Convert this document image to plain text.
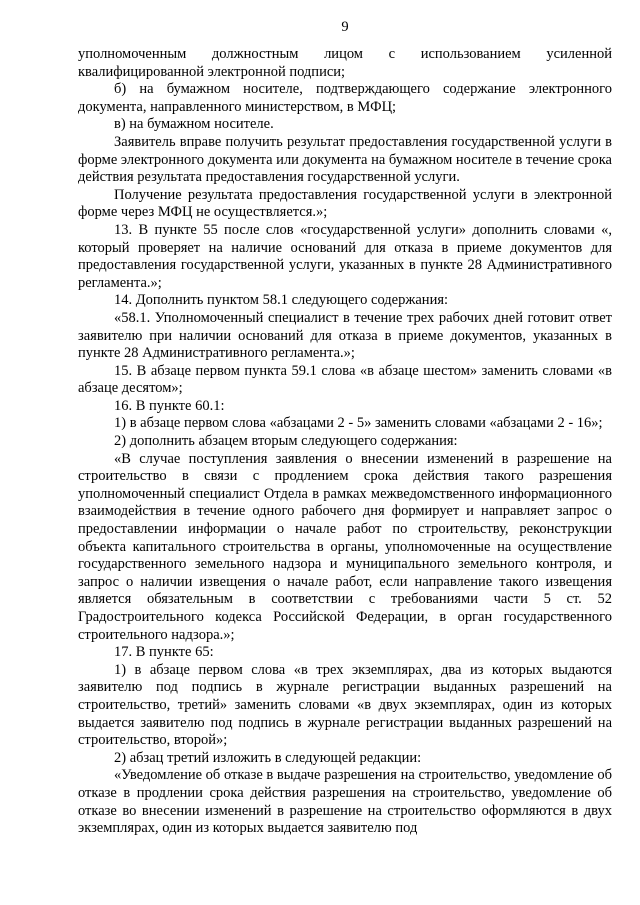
9

уполномоченным должностным лицом с использованием усиленной квалифицированной электронной подписи;

б) на бумажном носителе, подтверждающего содержание электронного документа, направленного министерством, в МФЦ;

в) на бумажном носителе.

Заявитель вправе получить результат предоставления государственной услуги в форме электронного документа или документа на бумажном носителе в течение срока действия результата предоставления государственной услуги.

Получение результата предоставления государственной услуги в электронной форме через МФЦ не осуществляется.»;

13. В пункте 55 после слов «государственной услуги» дополнить словами «, который проверяет на наличие оснований для отказа в приеме документов для предоставления государственной услуги, указанных в пункте 28 Административного регламента.»;

14. Дополнить пунктом 58.1 следующего содержания:

«58.1. Уполномоченный специалист в течение трех рабочих дней готовит ответ заявителю при наличии оснований для отказа в приеме документов, указанных в пункте 28 Административного регламента.»;

15. В абзаце первом пункта 59.1 слова «в абзаце шестом» заменить словами «в абзаце десятом»;

16. В пункте 60.1:

1) в абзаце первом слова «абзацами 2 - 5» заменить словами «абзацами 2 - 16»;

2) дополнить абзацем вторым следующего содержания:

«В случае поступления заявления о внесении изменений в разрешение на строительство в связи с продлением срока действия такого разрешения уполномоченный специалист Отдела в рамках межведомственного информационного взаимодействия в течение одного рабочего дня формирует и направляет запрос о предоставлении информации о начале работ по строительству, реконструкции объекта капитального строительства в органы, уполномоченные на осуществление государственного земельного надзора и муниципального земельного контроля, и запрос о наличии извещения о начале работ, если направление такого извещения является обязательным в соответствии с требованиями части 5 ст. 52 Градостроительного кодекса Российской Федерации, в орган государственного строительного надзора.»;

17. В пункте 65:

1) в абзаце первом слова «в трех экземплярах, два из которых выдаются заявителю под подпись в журнале регистрации выданных разрешений на строительство, третий» заменить словами «в двух экземплярах, один из которых выдается заявителю под подпись в журнале регистрации выданных разрешений на строительство, второй»;

2) абзац третий изложить в следующей редакции:

«Уведомление об отказе в выдаче разрешения на строительство, уведомление об отказе в продлении срока действия разрешения на строительство, уведомление об отказе во внесении изменений в разрешение на строительство оформляются в двух экземплярах, один из которых выдается заявителю под
